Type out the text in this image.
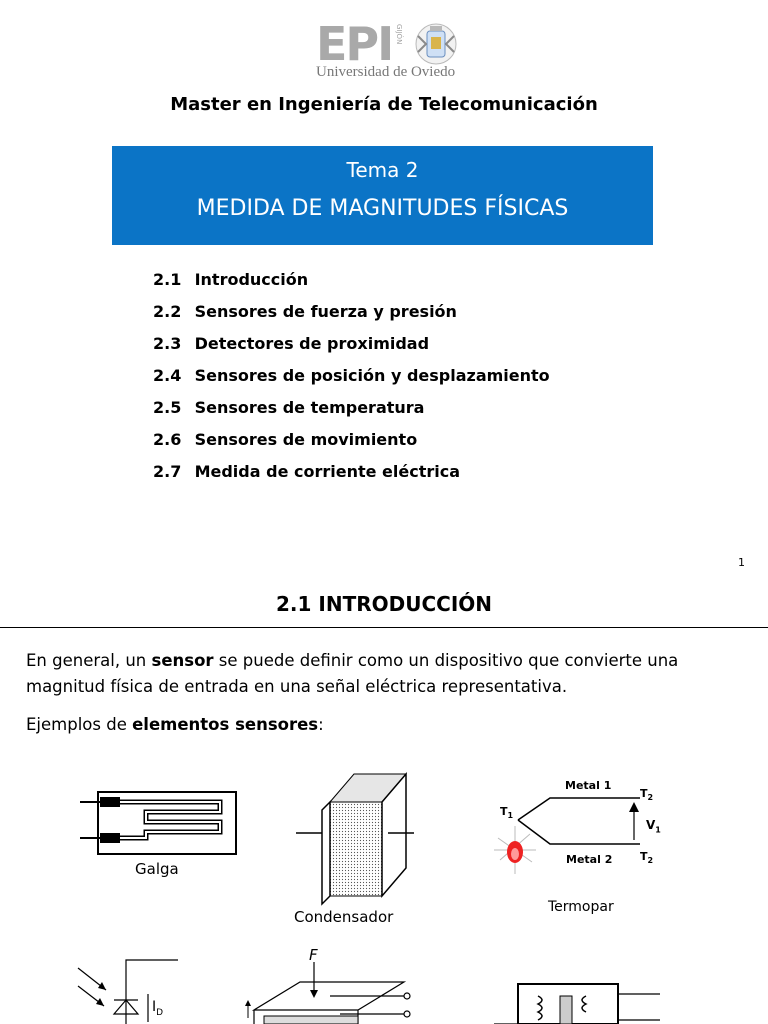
EPI GIJÓN
Universidad de Oviedo
Master en Ingeniería de Telecomunicación
Tema 2
MEDIDA DE MAGNITUDES FÍSICAS
2.1 Introducción
2.2 Sensores de fuerza y presión
2.3 Detectores de proximidad
2.4 Sensores de posición y desplazamiento
2.5 Sensores de temperatura
2.6 Sensores de movimiento
2.7 Medida de corriente eléctrica
1
2.1 INTRODUCCIÓN
En general, un sensor se puede definir como un dispositivo que convierte una magnitud física de entrada en una señal eléctrica representativa.
Ejemplos de elementos sensores:
Galga
Condensador
Metal 1
Metal 2
$T_1$
$T_2$
$T_2$
$V_1$
Termopar
$I_D$
F
